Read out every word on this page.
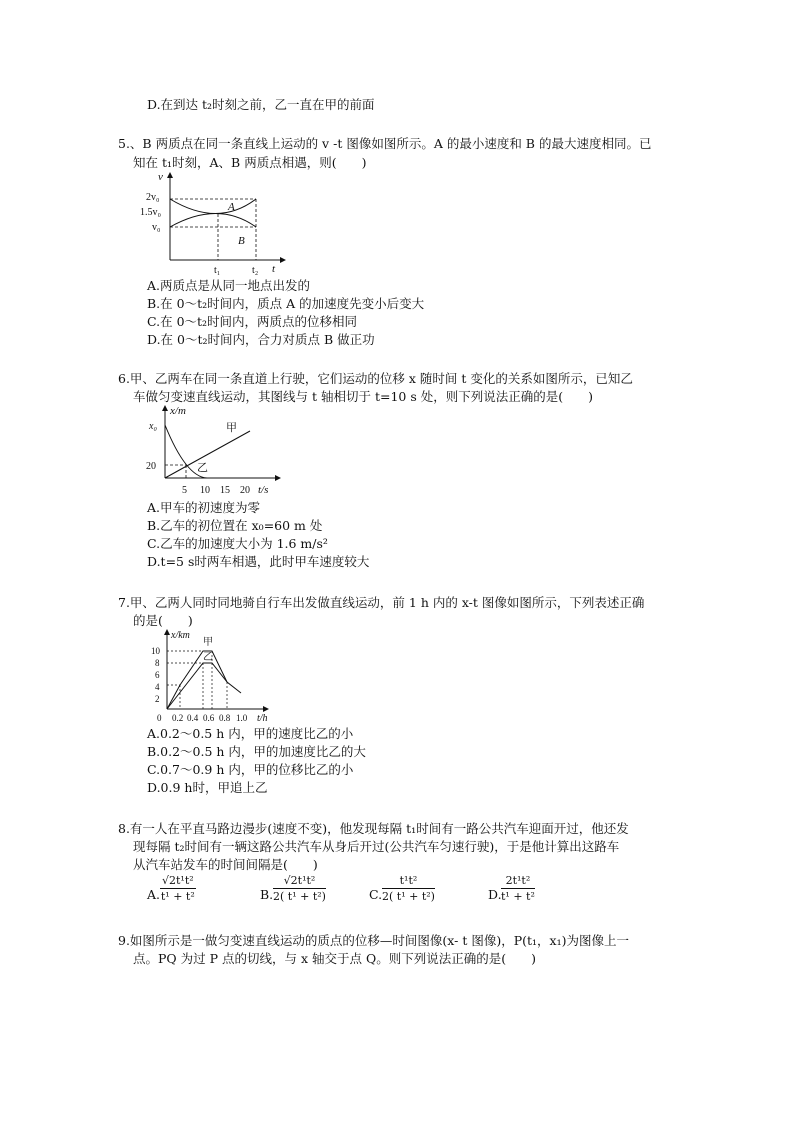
D.在到达 t₂时刻之前，乙一直在甲的前面
5.、B 两质点在同一条直线上运动的 v -t 图像如图所示。A 的最小速度和 B 的最大速度相同。已
知在 t₁时刻，A、B 两质点相遇，则(　　)
v
t
2v₀
1.5v₀
v₀
A
B
t₁	t₂
A.两质点是从同一地点出发的
B.在 0～t₂时间内，质点 A 的加速度先变小后变大
C.在 0～t₂时间内，两质点的位移相同
D.在 0～t₂时间内，合力对质点 B 做正功
6.甲、乙两车在同一条直道上行驶，它们运动的位移 x 随时间 t 变化的关系如图所示，已知乙
车做匀变速直线运动，其图线与 t 轴相切于 t=10 s 处，则下列说法正确的是(　　)
x/m
t/s
x₀
20
甲
乙
5 10 15 20
A.甲车的初速度为零
B.乙车的初位置在 x₀=60 m 处
C.乙车的加速度大小为 1.6 m/s²
D.t=5 s时两车相遇，此时甲车速度较大
7.甲、乙两人同时同地骑自行车出发做直线运动，前 1 h 内的 x-t 图像如图所示，下列表述正确
的是(　　)
x/km
t/h
10
8
6
4
2
甲
乙
0 0.2 0.4 0.6 0.8 1.0
A.0.2～0.5 h 内，甲的速度比乙的小
B.0.2～0.5 h 内，甲的加速度比乙的大
C.0.7～0.9 h 内，甲的位移比乙的小
D.0.9 h时，甲追上乙
8.有一人在平直马路边漫步(速度不变)，他发现每隔 t₁时间有一路公共汽车迎面开过，他还发
现每隔 t₂时间有一辆这路公共汽车从身后开过(公共汽车匀速行驶)，于是他计算出这路车
从汽车站发车的时间间隔是(　　)
A. $\frac{\text{√2t¹t²}}{\text{t¹ + t²}}$	B. $\frac{\text{√2t¹t²}}{\text{2( t¹ + t²)}}$	C. $\frac{\text{t¹t²}}{\text{2( t¹ + t²)}}$	D. $\frac{\text{2t¹t²}}{\text{t¹ + t²}}$
9.如图所示是一做匀变速直线运动的质点的位移—时间图像(x- t 图像)，P(t₁，x₁)为图像上一
点。PQ 为过 P 点的切线，与 x 轴交于点 Q。则下列说法正确的是(　　)
